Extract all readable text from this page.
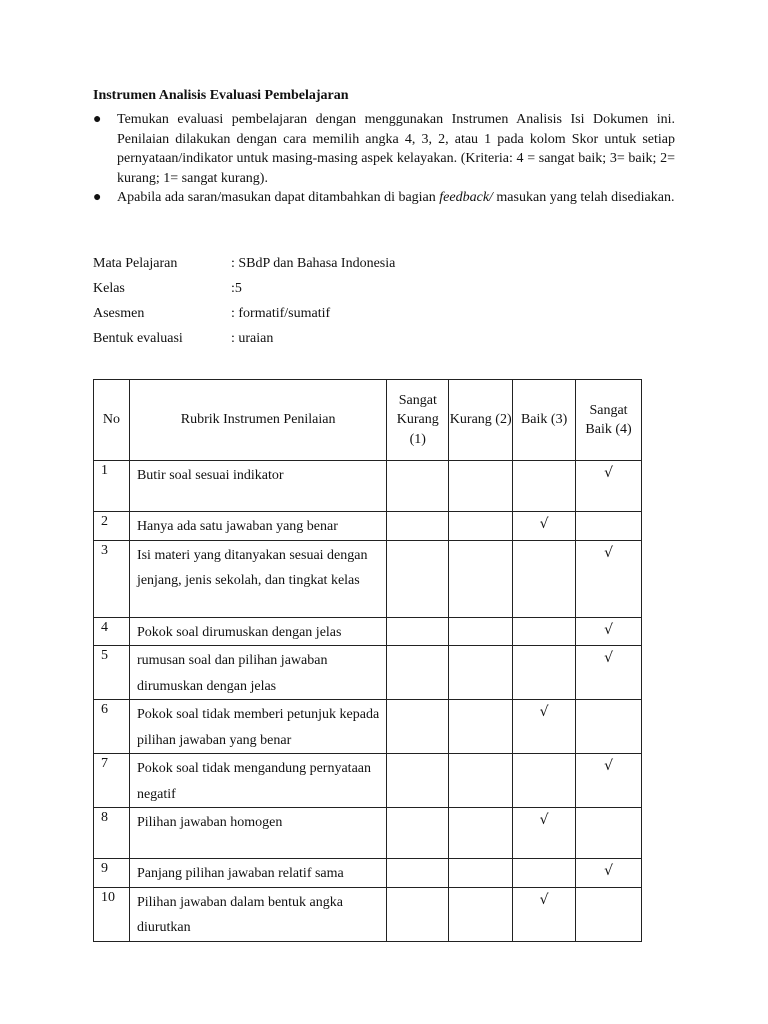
Instrumen Analisis Evaluasi Pembelajaran
● Temukan evaluasi pembelajaran dengan menggunakan Instrumen Analisis Isi Dokumen ini. Penilaian dilakukan dengan cara memilih angka 4, 3, 2, atau 1 pada kolom Skor untuk setiap pernyataan/indikator untuk masing-masing aspek kelayakan. (Kriteria: 4 = sangat baik; 3= baik; 2= kurang; 1= sangat kurang).
● Apabila ada saran/masukan dapat ditambahkan di bagian feedback/ masukan yang telah disediakan.
Mata Pelajaran	: SBdP dan Bahasa Indonesia
Kelas	:5
Asesmen	: formatif/sumatif
Bentuk evaluasi	: uraian
No	Rubrik Instrumen Penilaian	Sangat Kurang (1)	Kurang (2)	Baik (3)	Sangat Baik (4)
1	Butir soal sesuai indikator				√
2	Hanya ada satu jawaban yang benar			√	
3	Isi materi yang ditanyakan sesuai dengan jenjang, jenis sekolah, dan tingkat kelas				√
4	Pokok soal dirumuskan dengan jelas				√
5	rumusan soal dan pilihan jawaban dirumuskan dengan jelas				√
6	Pokok soal tidak memberi petunjuk kepada pilihan jawaban yang benar			√	
7	Pokok soal tidak mengandung pernyataan negatif				√
8	Pilihan jawaban homogen			√	
9	Panjang pilihan jawaban relatif sama				√
10	Pilihan jawaban dalam bentuk angka diurutkan			√	
